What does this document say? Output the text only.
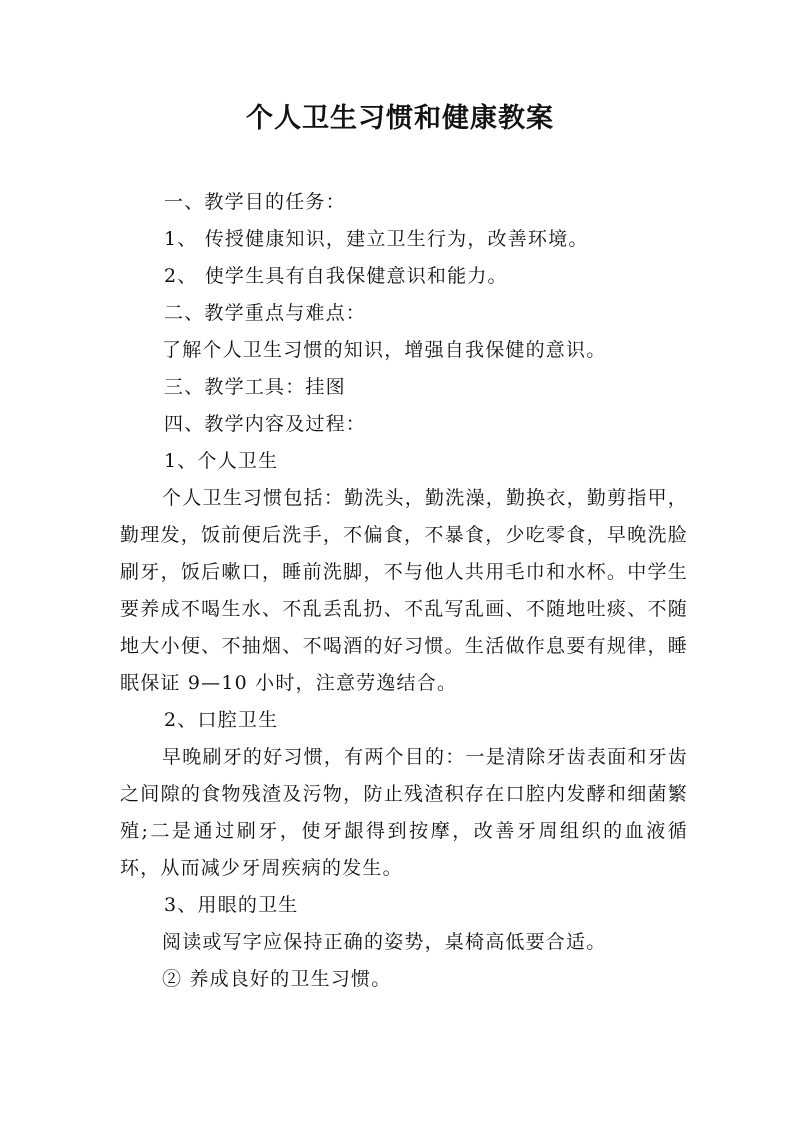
个人卫生习惯和健康教案
一、教学目的任务：
1、 传授健康知识，建立卫生行为，改善环境。
2、 使学生具有自我保健意识和能力。
二、教学重点与难点：
了解个人卫生习惯的知识，增强自我保健的意识。
三、教学工具：挂图
四、教学内容及过程：
1、个人卫生
个人卫生习惯包括：勤洗头，勤洗澡，勤换衣，勤剪指甲，勤理发，饭前便后洗手，不偏食，不暴食，少吃零食，早晚洗脸刷牙，饭后嗽口，睡前洗脚，不与他人共用毛巾和水杯。中学生要养成不喝生水、不乱丢乱扔、不乱写乱画、不随地吐痰、不随地大小便、不抽烟、不喝酒的好习惯。生活做作息要有规律，睡眠保证 9—10 小时，注意劳逸结合。
2、口腔卫生
早晚刷牙的好习惯，有两个目的：一是清除牙齿表面和牙齿之间隙的食物残渣及污物，防止残渣积存在口腔内发酵和细菌繁殖;二是通过刷牙，使牙龈得到按摩，改善牙周组织的血液循环，从而减少牙周疾病的发生。
3、用眼的卫生
阅读或写字应保持正确的姿势，桌椅高低要合适。
② 养成良好的卫生习惯。
